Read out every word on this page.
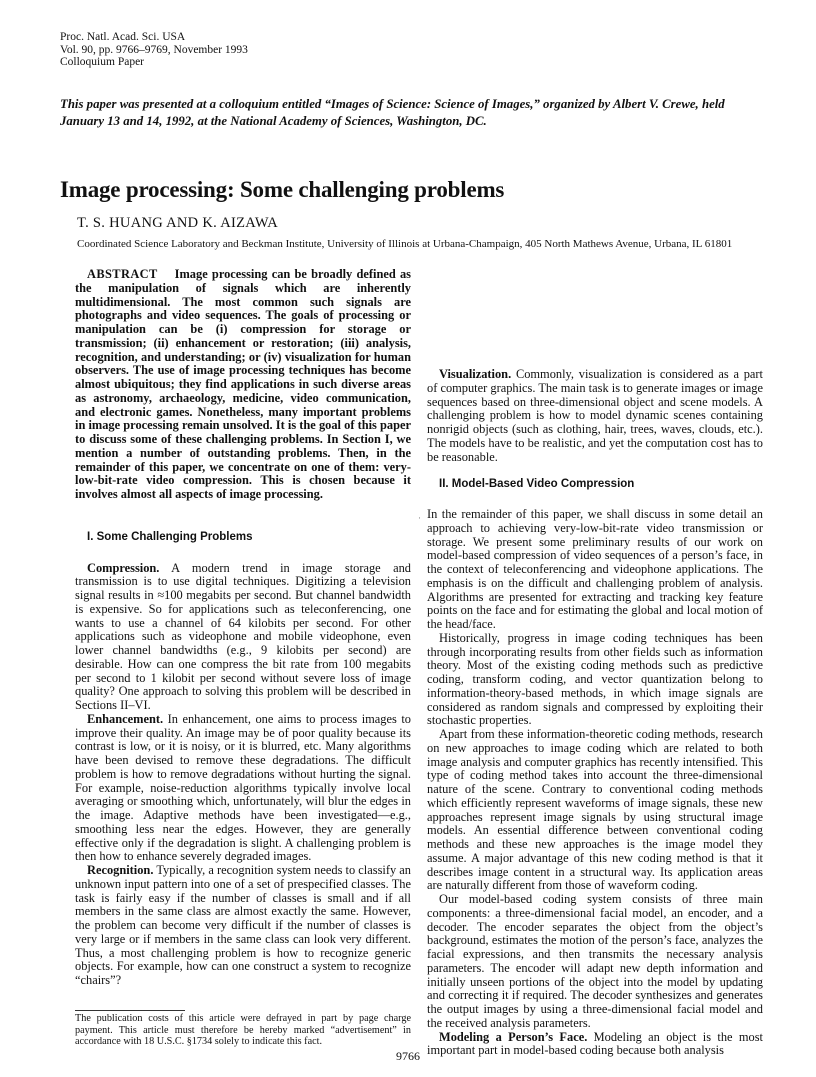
Proc. Natl. Acad. Sci. USA
Vol. 90, pp. 9766–9769, November 1993
Colloquium Paper
This paper was presented at a colloquium entitled “Images of Science: Science of Images,” organized by Albert V. Crewe, held January 13 and 14, 1992, at the National Academy of Sciences, Washington, DC.
Image processing: Some challenging problems
T. S. HUANG AND K. AIZAWA
Coordinated Science Laboratory and Beckman Institute, University of Illinois at Urbana-Champaign, 405 North Mathews Avenue, Urbana, IL 61801

ABSTRACT Image processing can be broadly defined as the manipulation of signals which are inherently multidimensional. The most common such signals are photographs and video sequences. The goals of processing or manipulation can be (i) compression for storage or transmission; (ii) enhancement or restoration; (iii) analysis, recognition, and understanding; or (iv) visualization for human observers. The use of image processing techniques has become almost ubiquitous; they find applications in such diverse areas as astronomy, archaeology, medicine, video communication, and electronic games. Nonetheless, many important problems in image processing remain unsolved. It is the goal of this paper to discuss some of these challenging problems. In Section I, we mention a number of outstanding problems. Then, in the remainder of this paper, we concentrate on one of them: very-low-bit-rate video compression. This is chosen because it involves almost all aspects of image processing.

I. Some Challenging Problems

Compression. A modern trend in image storage and transmission is to use digital techniques. Digitizing a television signal results in ≈100 megabits per second. But channel bandwidth is expensive. So for applications such as teleconferencing, one wants to use a channel of 64 kilobits per second. For other applications such as videophone and mobile videophone, even lower channel bandwidths (e.g., 9 kilobits per second) are desirable. How can one compress the bit rate from 100 megabits per second to 1 kilobit per second without severe loss of image quality? One approach to solving this problem will be described in Sections II–VI.

Enhancement. In enhancement, one aims to process images to improve their quality. An image may be of poor quality because its contrast is low, or it is noisy, or it is blurred, etc. Many algorithms have been devised to remove these degradations. The difficult problem is how to remove degradations without hurting the signal. For example, noise-reduction algorithms typically involve local averaging or smoothing which, unfortunately, will blur the edges in the image. Adaptive methods have been investigated—e.g., smoothing less near the edges. However, they are generally effective only if the degradation is slight. A challenging problem is then how to enhance severely degraded images.

Recognition. Typically, a recognition system needs to classify an unknown input pattern into one of a set of prespecified classes. The task is fairly easy if the number of classes is small and if all members in the same class are almost exactly the same. However, the problem can become very difficult if the number of classes is very large or if members in the same class can look very different. Thus, a most challenging problem is how to recognize generic objects. For example, how can one construct a system to recognize “chairs”?

·

Visualization. Commonly, visualization is considered as a part of computer graphics. The main task is to generate images or image sequences based on three-dimensional object and scene models. A challenging problem is how to model dynamic scenes containing nonrigid objects (such as clothing, hair, trees, waves, clouds, etc.). The models have to be realistic, and yet the computation cost has to be reasonable.

II. Model-Based Video Compression

In the remainder of this paper, we shall discuss in some detail an approach to achieving very-low-bit-rate video transmission or storage. We present some preliminary results of our work on model-based compression of video sequences of a person’s face, in the context of teleconferencing and videophone applications. The emphasis is on the difficult and challenging problem of analysis. Algorithms are presented for extracting and tracking key feature points on the face and for estimating the global and local motion of the head/face.

Historically, progress in image coding techniques has been through incorporating results from other fields such as information theory. Most of the existing coding methods such as predictive coding, transform coding, and vector quantization belong to information-theory-based methods, in which image signals are considered as random signals and compressed by exploiting their stochastic properties.

Apart from these information-theoretic coding methods, research on new approaches to image coding which are related to both image analysis and computer graphics has recently intensified. This type of coding method takes into account the three-dimensional nature of the scene. Contrary to conventional coding methods which efficiently represent waveforms of image signals, these new approaches represent image signals by using structural image models. An essential difference between conventional coding methods and these new approaches is the image model they assume. A major advantage of this new coding method is that it describes image content in a structural way. Its application areas are naturally different from those of waveform coding.

Our model-based coding system consists of three main components: a three-dimensional facial model, an encoder, and a decoder. The encoder separates the object from the object’s background, estimates the motion of the person’s face, analyzes the facial expressions, and then transmits the necessary analysis parameters. The encoder will adapt new depth information and initially unseen portions of the object into the model by updating and correcting it if required. The decoder synthesizes and generates the output images by using a three-dimensional facial model and the received analysis parameters.

Modeling a Person’s Face. Modeling an object is the most important part in model-based coding because both analysis

The publication costs of this article were defrayed in part by page charge payment. This article must therefore be hereby marked “advertisement” in accordance with 18 U.S.C. §1734 solely to indicate this fact.
9766
